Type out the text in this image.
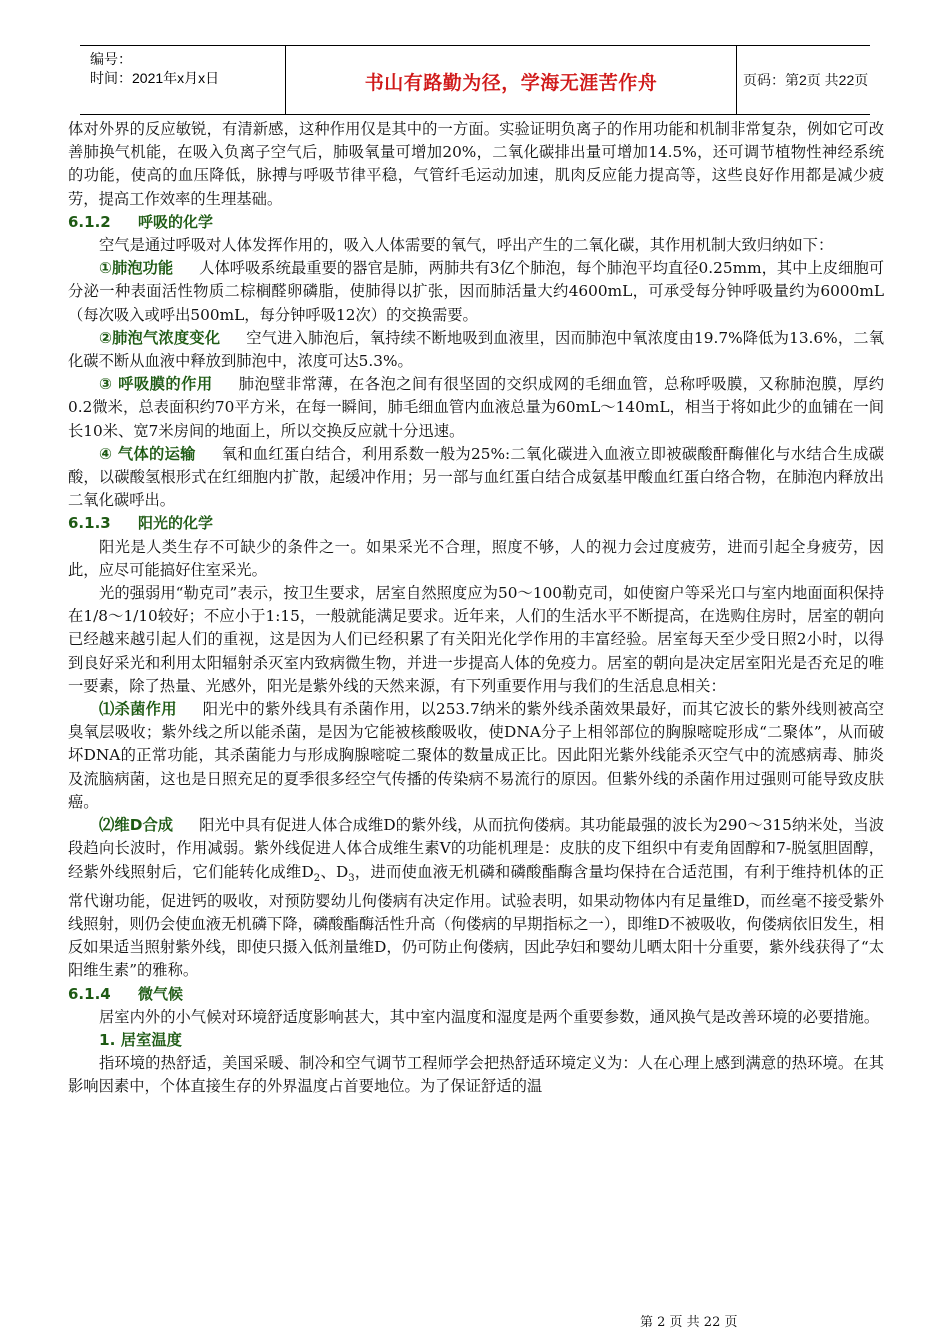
编号：
时间：2021年x月x日	书山有路勤为径，学海无涯苦作舟	页码：第2页 共22页

体对外界的反应敏锐，有清新感，这种作用仅是其中的一方面。实验证明负离子的作用功能和机制非常复杂，例如它可改善肺换气机能，在吸入负离子空气后，肺吸氧量可增加20%，二氧化碳排出量可增加14.5%，还可调节植物性神经系统的功能，使高的血压降低，脉搏与呼吸节律平稳，气管纤毛运动加速，肌肉反应能力提高等，这些良好作用都是减少疲劳，提高工作效率的生理基础。

6.1.2 呼吸的化学

空气是通过呼吸对人体发挥作用的，吸入人体需要的氧气，呼出产生的二氧化碳，其作用机制大致归纳如下：

①肺泡功能 人体呼吸系统最重要的器官是肺，两肺共有3亿个肺泡，每个肺泡平均直径0.25mm，其中上皮细胞可分泌一种表面活性物质二棕榈醛卵磷脂，使肺得以扩张，因而肺活量大约4600mL，可承受每分钟呼吸量约为6000mL（每次吸入或呼出500mL，每分钟呼吸12次）的交换需要。

②肺泡气浓度变化 空气进入肺泡后，氧持续不断地吸到血液里，因而肺泡中氧浓度由19.7%降低为13.6%，二氧化碳不断从血液中释放到肺泡中，浓度可达5.3%。

③ 呼吸膜的作用 肺泡壁非常薄，在各泡之间有很坚固的交织成网的毛细血管，总称呼吸膜，又称肺泡膜，厚约0.2微米，总表面积约70平方米，在每一瞬间，肺毛细血管内血液总量为60mL～140mL，相当于将如此少的血铺在一间长10米、宽7米房间的地面上，所以交换反应就十分迅速。

④ 气体的运输 氧和血红蛋白结合，利用系数一般为25%:二氧化碳进入血液立即被碳酸酐酶催化与水结合生成碳酸，以碳酸氢根形式在红细胞内扩散，起缓冲作用；另一部与血红蛋白结合成氨基甲酸血红蛋白络合物，在肺泡内释放出二氧化碳呼出。

6.1.3 阳光的化学

阳光是人类生存不可缺少的条件之一。如果采光不合理，照度不够，人的视力会过度疲劳，进而引起全身疲劳，因此，应尽可能搞好住室采光。

光的强弱用“勒克司”表示，按卫生要求，居室自然照度应为50～100勒克司，如使窗户等采光口与室内地面面积保持在1/8～1/10较好；不应小于1:15，一般就能满足要求。近年来，人们的生活水平不断提高，在选购住房时，居室的朝向已经越来越引起人们的重视，这是因为人们已经积累了有关阳光化学作用的丰富经验。居室每天至少受日照2小时，以得到良好采光和利用太阳辐射杀灭室内致病微生物，并进一步提高人体的免疫力。居室的朝向是决定居室阳光是否充足的唯一要素，除了热量、光感外，阳光是紫外线的天然来源，有下列重要作用与我们的生活息息相关：

⑴杀菌作用 阳光中的紫外线具有杀菌作用，以253.7纳米的紫外线杀菌效果最好，而其它波长的紫外线则被高空臭氧层吸收；紫外线之所以能杀菌，是因为它能被核酸吸收，使DNA分子上相邻部位的胸腺嘧啶形成“二聚体”，从而破坏DNA的正常功能，其杀菌能力与形成胸腺嘧啶二聚体的数量成正比。因此阳光紫外线能杀灭空气中的流感病毒、肺炎及流脑病菌，这也是日照充足的夏季很多经空气传播的传染病不易流行的原因。但紫外线的杀菌作用过强则可能导致皮肤癌。

⑵维D合成 阳光中具有促进人体合成维D的紫外线，从而抗佝偻病。其功能最强的波长为290～315纳米处，当波段趋向长波时，作用减弱。紫外线促进人体合成维生素V的功能机理是：皮肤的皮下组织中有麦角固醇和7-脱氢胆固醇，经紫外线照射后，它们能转化成维$D_2$、$D_3$，进而使血液无机磷和磷酸酯酶含量均保持在合适范围，有利于维持机体的正常代谢功能，促进钙的吸收，对预防婴幼儿佝偻病有决定作用。试验表明，如果动物体内有足量维D，而丝毫不接受紫外线照射，则仍会使血液无机磷下降，磷酸酯酶活性升高（佝偻病的早期指标之一），即维D不被吸收，佝偻病依旧发生，相反如果适当照射紫外线，即使只摄入低剂量维D，仍可防止佝偻病，因此孕妇和婴幼儿晒太阳十分重要，紫外线获得了“太阳维生素”的雅称。

6.1.4 微气候

居室内外的小气候对环境舒适度影响甚大，其中室内温度和湿度是两个重要参数，通风换气是改善环境的必要措施。

1. 居室温度

指环境的热舒适，美国采暖、制冷和空气调节工程师学会把热舒适环境定义为：人在心理上感到满意的热环境。在其影响因素中，个体直接生存的外界温度占首要地位。为了保证舒适的温

第 2 页 共 22 页
